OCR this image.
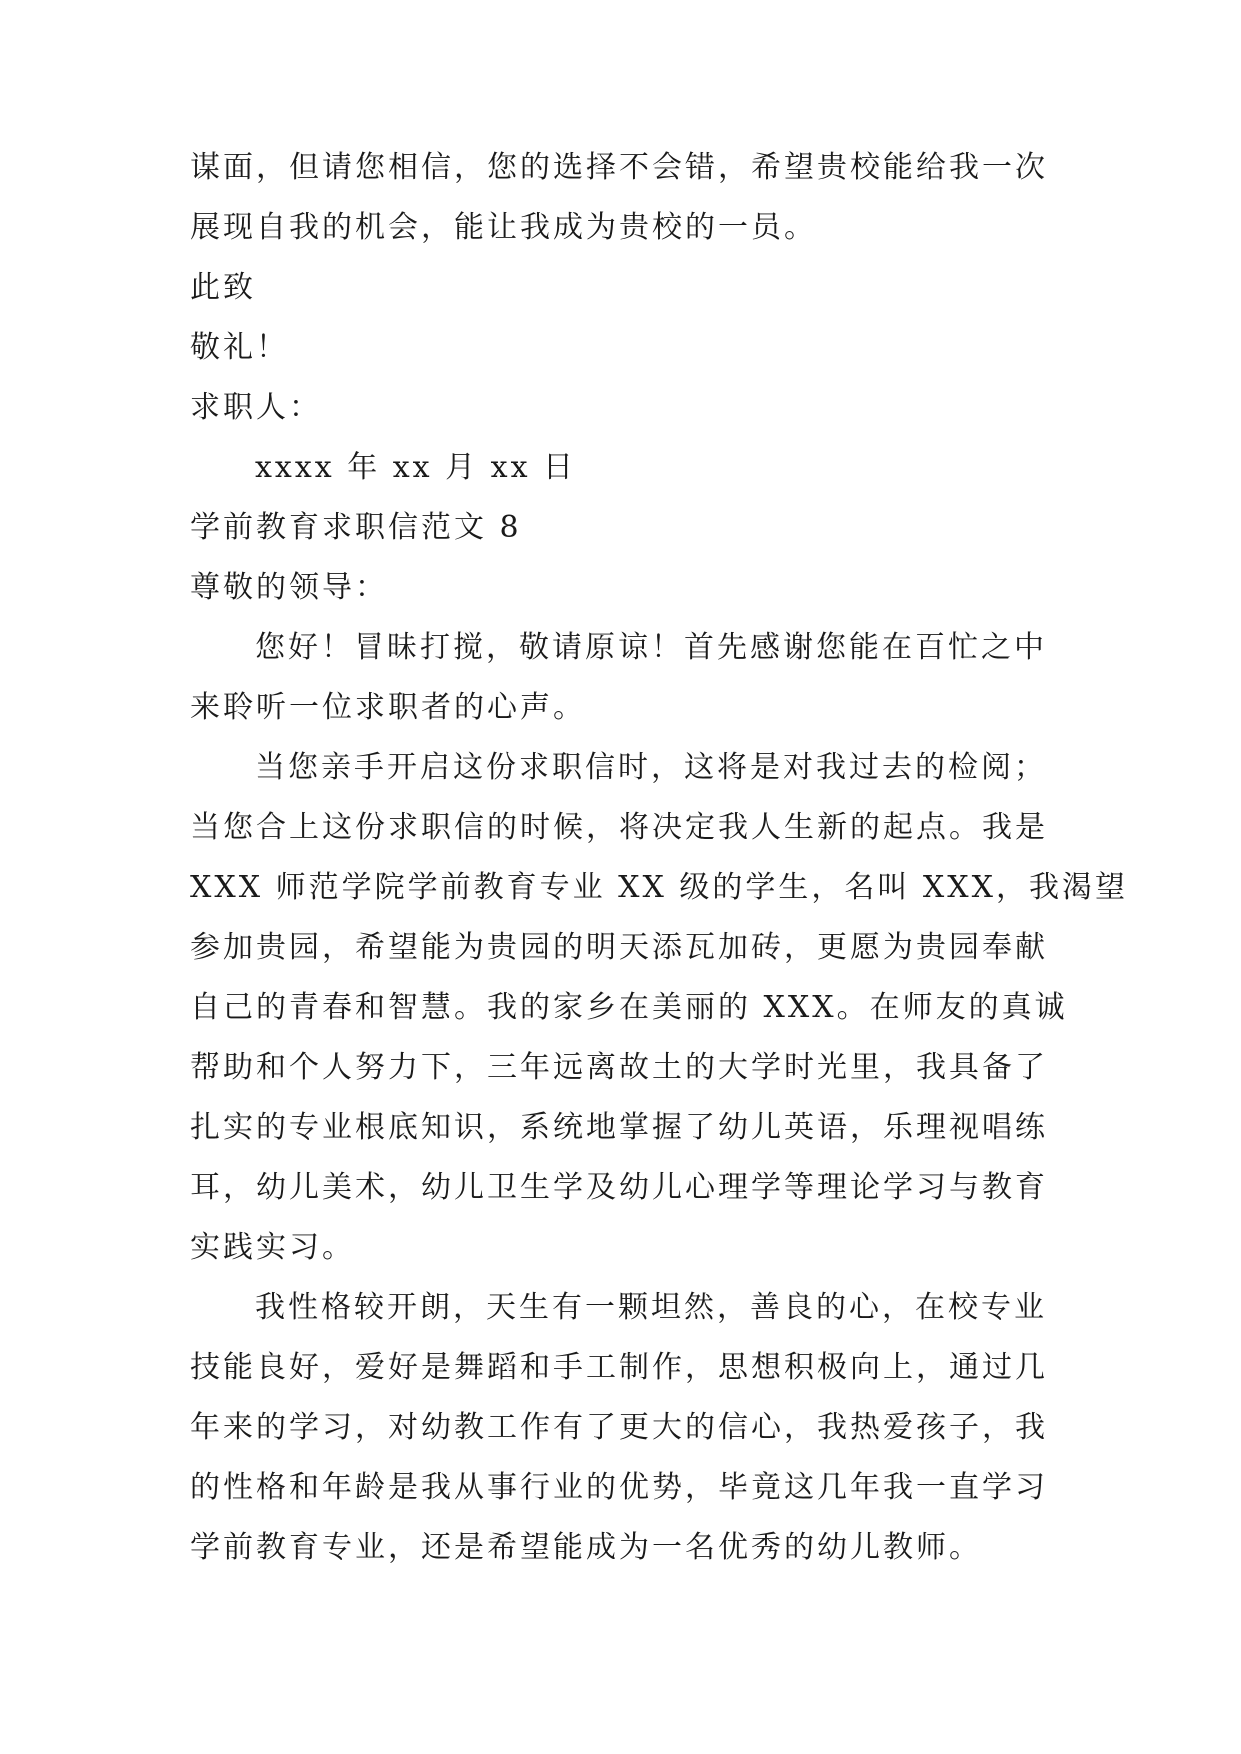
谋面，但请您相信，您的选择不会错，希望贵校能给我一次
展现自我的机会，能让我成为贵校的一员。
此致
敬礼！
求职人：
xxxx 年 xx 月 xx 日
学前教育求职信范文 8
尊敬的领导：
您好！冒昧打搅，敬请原谅！首先感谢您能在百忙之中
来聆听一位求职者的心声。
当您亲手开启这份求职信时，这将是对我过去的检阅；
当您合上这份求职信的时候，将决定我人生新的起点。我是
XXX 师范学院学前教育专业 XX 级的学生，名叫 XXX，我渴望
参加贵园，希望能为贵园的明天添瓦加砖，更愿为贵园奉献
自己的青春和智慧。我的家乡在美丽的 XXX。在师友的真诚
帮助和个人努力下，三年远离故土的大学时光里，我具备了
扎实的专业根底知识，系统地掌握了幼儿英语，乐理视唱练
耳，幼儿美术，幼儿卫生学及幼儿心理学等理论学习与教育
实践实习。
我性格较开朗，天生有一颗坦然，善良的心，在校专业
技能良好，爱好是舞蹈和手工制作，思想积极向上，通过几
年来的学习，对幼教工作有了更大的信心，我热爱孩子，我
的性格和年龄是我从事行业的优势，毕竟这几年我一直学习
学前教育专业，还是希望能成为一名优秀的幼儿教师。
